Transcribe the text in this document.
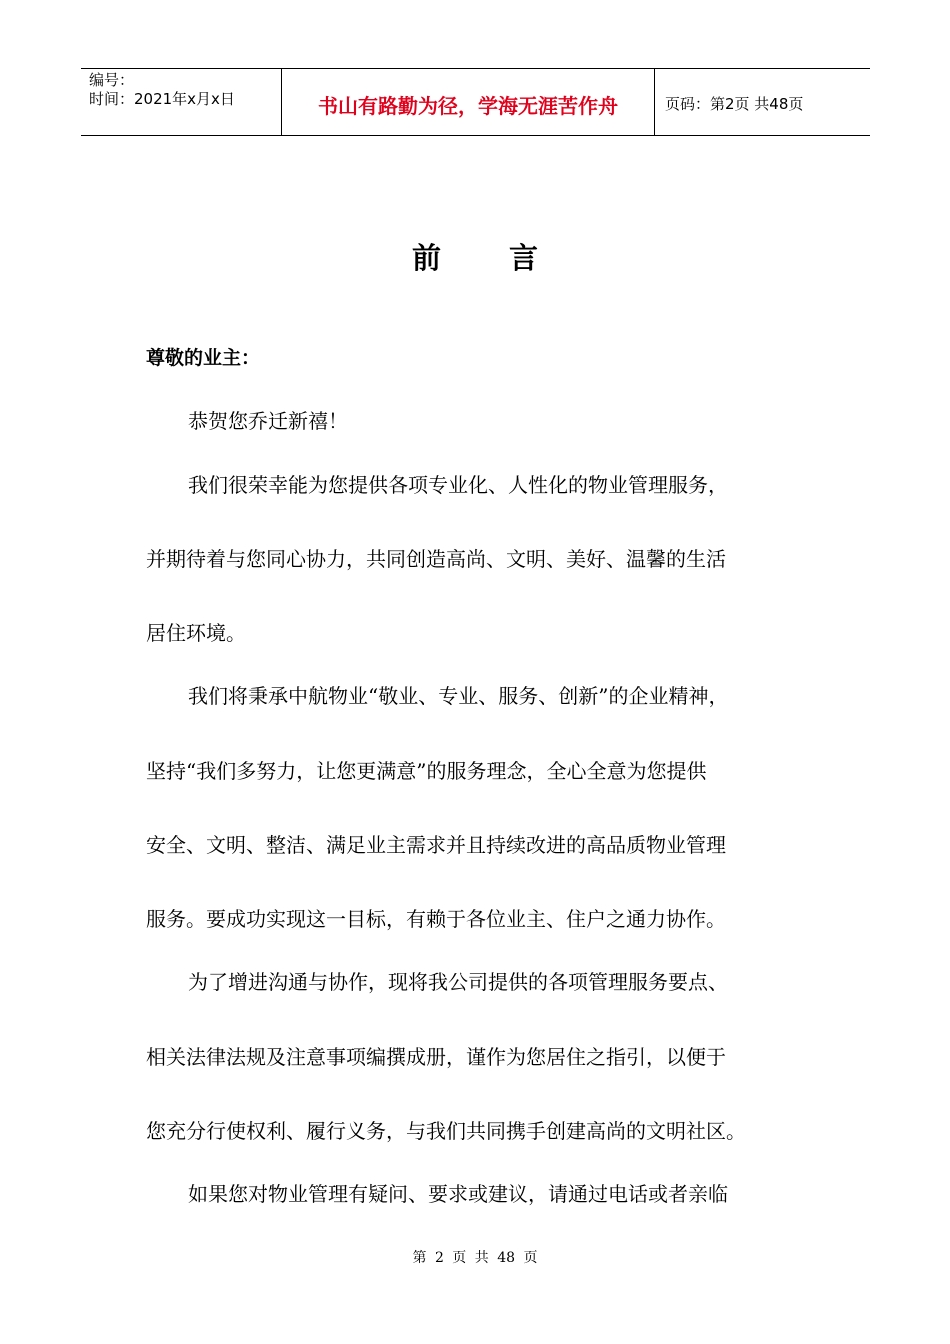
编号：
时间：2021年x月x日	书山有路勤为径，学海无涯苦作舟	页码：第2页 共48页
前言
尊敬的业主：
恭贺您乔迁新禧！
我们很荣幸能为您提供各项专业化、人性化的物业管理服务，
并期待着与您同心协力，共同创造高尚、文明、美好、温馨的生活
居住环境。
我们将秉承中航物业“敬业、专业、服务、创新”的企业精神，
坚持“我们多努力，让您更满意”的服务理念，全心全意为您提供
安全、文明、整洁、满足业主需求并且持续改进的高品质物业管理
服务。要成功实现这一目标，有赖于各位业主、住户之通力协作。
为了增进沟通与协作，现将我公司提供的各项管理服务要点、
相关法律法规及注意事项编撰成册，谨作为您居住之指引，以便于
您充分行使权利、履行义务，与我们共同携手创建高尚的文明社区。
如果您对物业管理有疑问、要求或建议，请通过电话或者亲临
第 2 页 共 48 页
